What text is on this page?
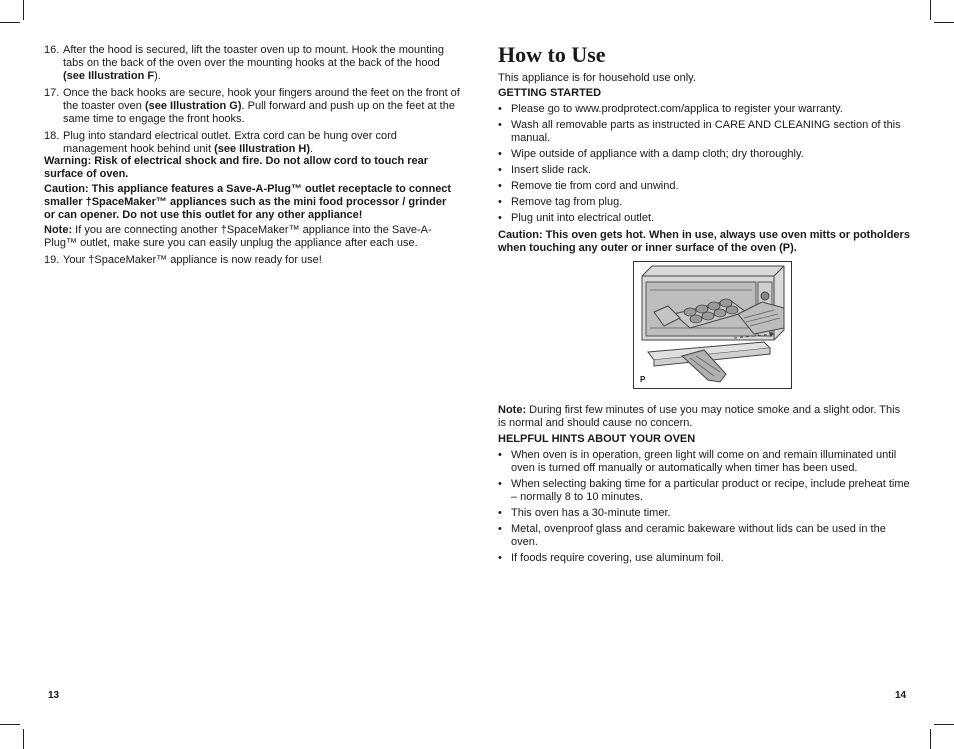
16. After the hood is secured, lift the toaster oven up to mount. Hook the mounting tabs on the back of the oven over the mounting hooks at the back of the hood (see Illustration F).
17. Once the back hooks are secure, hook your fingers around the feet on the front of the toaster oven (see Illustration G). Pull forward and push up on the feet at the same time to engage the front hooks.
18. Plug into standard electrical outlet. Extra cord can be hung over cord management hook behind unit (see Illustration H).

Warning: Risk of electrical shock and fire. Do not allow cord to touch rear surface of oven.

Caution: This appliance features a Save-A-Plug™ outlet receptacle to connect smaller †SpaceMaker™ appliances such as the mini food processor / grinder or can opener. Do not use this outlet for any other appliance!

Note: If you are connecting another †SpaceMaker™ appliance into the Save-A-Plug™ outlet, make sure you can easily unplug the appliance after each use.

19. Your †SpaceMaker™ appliance is now ready for use!

13
How to Use

This appliance is for household use only.

GETTING STARTED

• Please go to www.prodprotect.com/applica to register your warranty.
• Wash all removable parts as instructed in CARE AND CLEANING section of this manual.
• Wipe outside of appliance with a damp cloth; dry thoroughly.
• Insert slide rack.
• Remove tie from cord and unwind.
• Remove tag from plug.
• Plug unit into electrical outlet.

Caution: This oven gets hot. When in use, always use oven mitts or potholders when touching any outer or inner surface of the oven (P).

P

Note: During first few minutes of use you may notice smoke and a slight odor. This is normal and should cause no concern.

HELPFUL HINTS ABOUT YOUR OVEN

• When oven is in operation, green light will come on and remain illuminated until oven is turned off manually or automatically when timer has been used.
• When selecting baking time for a particular product or recipe, include preheat time – normally 8 to 10 minutes.
• This oven has a 30-minute timer.
• Metal, ovenproof glass and ceramic bakeware without lids can be used in the oven.
• If foods require covering, use aluminum foil.
14
